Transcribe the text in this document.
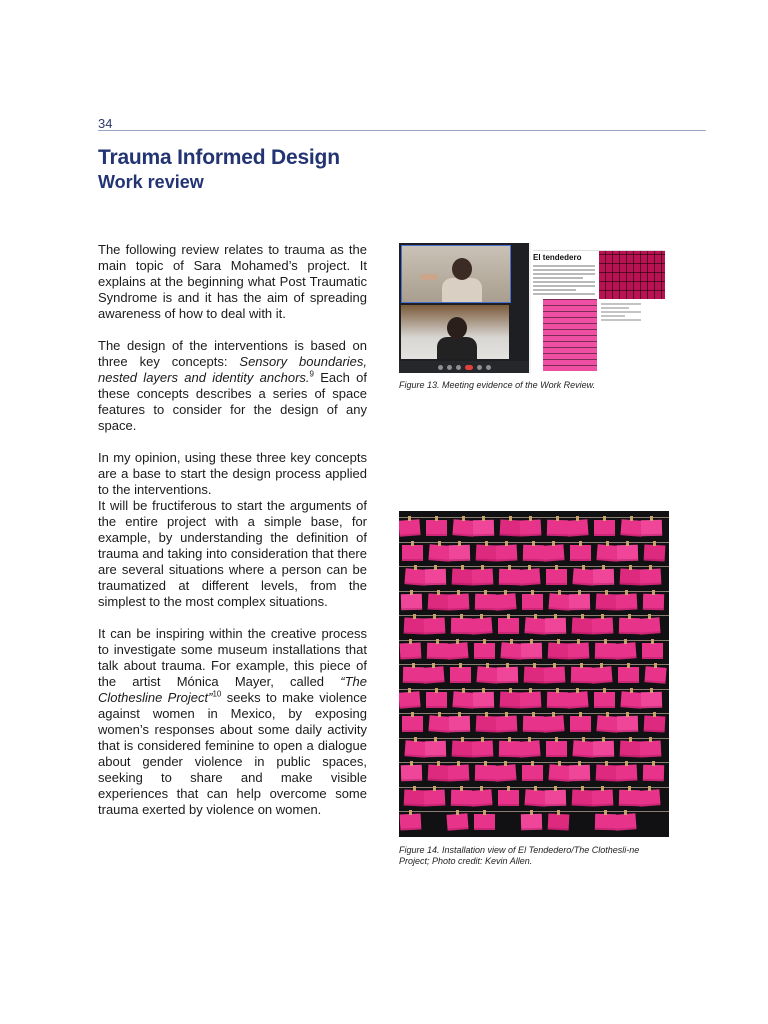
34
Trauma Informed Design
Work review

The following review relates to trauma as the main topic of Sara Mohamed’s project. It explains at the beginning what Post Traumatic Syndrome is and it has the aim of spreading awareness of how to deal with it.

The design of the interventions is based on three key concepts: Sensory boundaries, nested layers and identity anchors.$^9$ Each of these concepts describes a series of space features to consider for the design of any space.

In my opinion, using these three key concepts are a base to start the design process applied to the interventions.

It will be fructiferous to start the arguments of the entire project with a simple base, for example, by understanding the definition of trauma and taking into consideration that there are several situations where a person can be traumatized at different levels, from the simplest to the most complex situations.

It can be inspiring within the creative process to investigate some museum installations that talk about trauma. For example, this piece of the artist Mónica Mayer, called “The Clothesline Project”$^{10}$ seeks to make violence against women in Mexico, by exposing women’s responses about some daily activity that is considered feminine to open a dialogue about gender violence in public spaces, seeking to share and make visible experiences that can help overcome some trauma exerted by violence on women.

El tendedero
Figure 13. Meeting evidence of the Work Review.
Figure 14. Installation view of El Tendedero/The Clothesli-ne Project; Photo credit: Kevin Allen.
